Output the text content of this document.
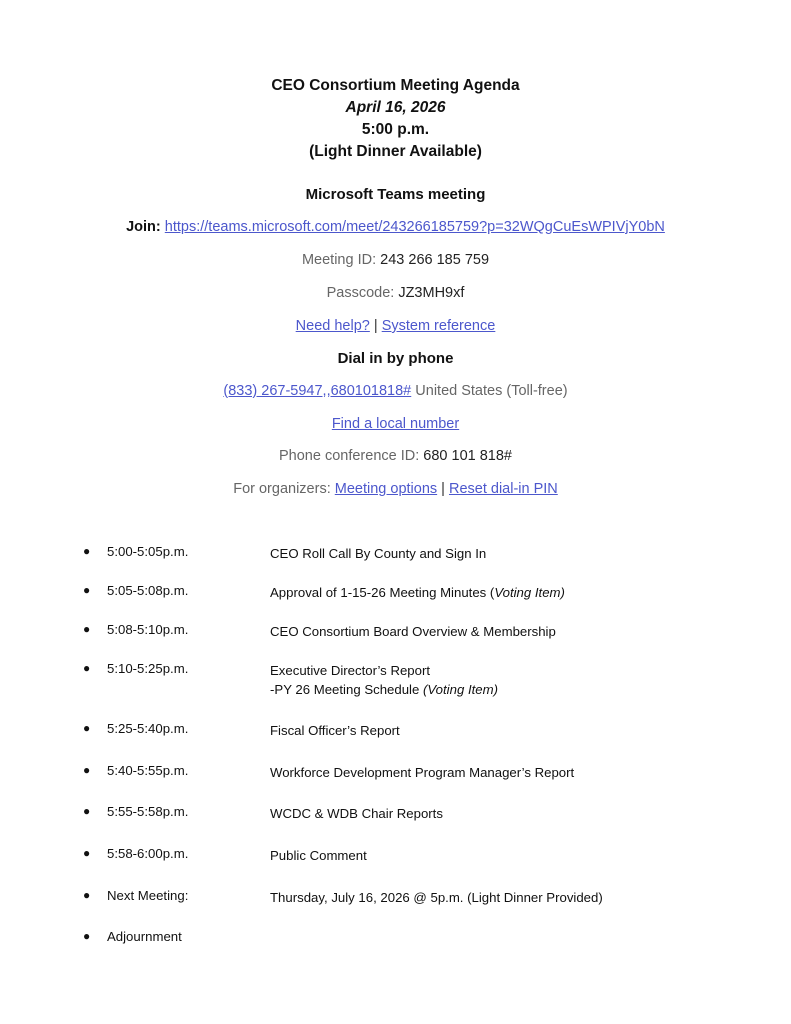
CEO Consortium Meeting Agenda
April 16, 2026
5:00 p.m.
(Light Dinner Available)
Microsoft Teams meeting
Join: https://teams.microsoft.com/meet/243266185759?p=32WQgCuEsWPIVjY0bN
Meeting ID: 243 266 185 759
Passcode: JZ3MH9xf
Need help? | System reference
Dial in by phone
(833) 267-5947,,680101818# United States (Toll-free)
Find a local number
Phone conference ID: 680 101 818#
For organizers: Meeting options | Reset dial-in PIN
● 5:00-5:05p.m.	CEO Roll Call By County and Sign In
● 5:05-5:08p.m.	Approval of 1-15-26 Meeting Minutes (Voting Item)
● 5:08-5:10p.m.	CEO Consortium Board Overview & Membership
● 5:10-5:25p.m.	Executive Director’s Report
-PY 26 Meeting Schedule (Voting Item)
● 5:25-5:40p.m.	Fiscal Officer’s Report
● 5:40-5:55p.m.	Workforce Development Program Manager’s Report
● 5:55-5:58p.m.	WCDC & WDB Chair Reports
● 5:58-6:00p.m.	Public Comment
● Next Meeting:	Thursday, July 16, 2026 @ 5p.m. (Light Dinner Provided)
● Adjournment
